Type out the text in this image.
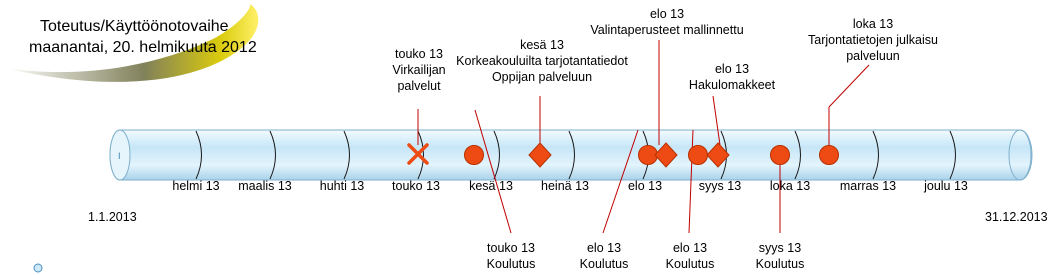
I
Toteutus/Käyttöönotovaihe
maanantai, 20. helmikuuta 2012
helmi 13	maalis 13	huhti 13	touko 13	kesä 13	heinä 13	elo 13	syys 13	loka 13	marras 13	joulu 13
1.1.2013	31.12.2013
touko 13
Virkailijan
palvelut
kesä 13
Korkeakouluilta tarjotantatiedot
Oppijan palveluun
elo 13
Valintaperusteet mallinnettu
elo 13
Hakulomakkeet
loka 13
Tarjontatietojen julkaisu
palveluun
touko 13
Koulutus
elo 13
Koulutus
elo 13
Koulutus
syys 13
Koulutus
